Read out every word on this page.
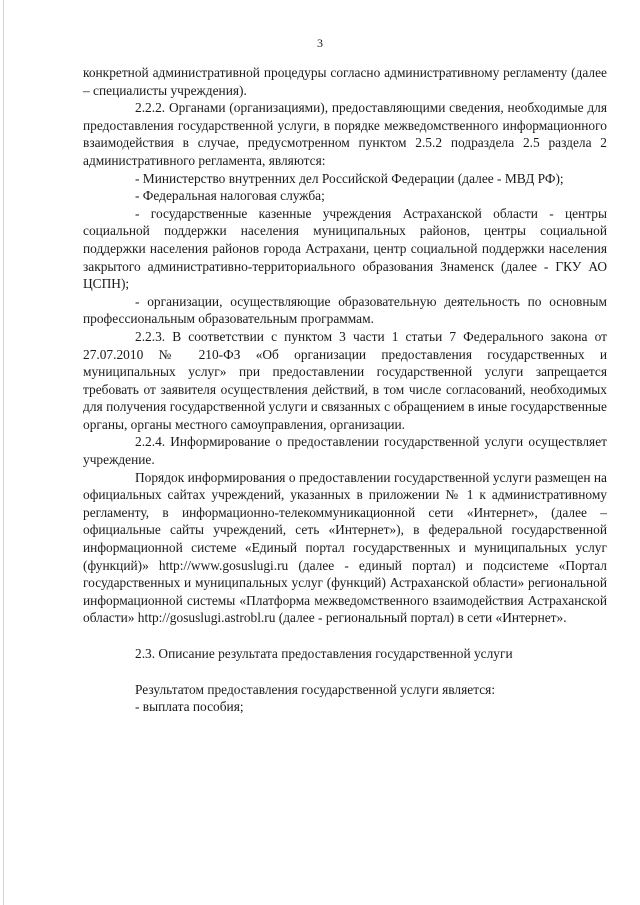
3

конкретной административной процедуры согласно административному регламенту (далее – специалисты учреждения).

2.2.2. Органами (организациями), предоставляющими сведения, необходимые для предоставления государственной услуги, в порядке межведомственного информационного взаимодействия в случае, предусмотренном пунктом 2.5.2 подраздела 2.5 раздела 2 административного регламента, являются:

- Министерство внутренних дел Российской Федерации (далее - МВД РФ);

- Федеральная налоговая служба;

- государственные казенные учреждения Астраханской области - центры социальной поддержки населения муниципальных районов, центры социальной поддержки населения районов города Астрахани, центр социальной поддержки населения закрытого административно-территориального образования Знаменск (далее - ГКУ АО ЦСПН);

- организации, осуществляющие образовательную деятельность по основным профессиональным образовательным программам.

2.2.3. В соответствии с пунктом 3 части 1 статьи 7 Федерального закона от 27.07.2010 № 210-ФЗ «Об организации предоставления государственных и муниципальных услуг» при предоставлении государственной услуги запрещается требовать от заявителя осуществления действий, в том числе согласований, необходимых для получения государственной услуги и связанных с обращением в иные государственные органы, органы местного самоуправления, организации.

2.2.4. Информирование о предоставлении государственной услуги осуществляет учреждение.

Порядок информирования о предоставлении государственной услуги размещен на официальных сайтах учреждений, указанных в приложении № 1 к административному регламенту, в информационно-телекоммуникационной сети «Интернет», (далее – официальные сайты учреждений, сеть «Интернет»), в федеральной государственной информационной системе «Единый портал государственных и муниципальных услуг (функций)» http://www.gosuslugi.ru (далее - единый портал) и подсистеме «Портал государственных и муниципальных услуг (функций) Астраханской области» региональной информационной системы «Платформа межведомственного взаимодействия Астраханской области» http://gosuslugi.astrobl.ru (далее - региональный портал) в сети «Интернет».

2.3. Описание результата предоставления государственной услуги

Результатом предоставления государственной услуги является:

- выплата пособия;
